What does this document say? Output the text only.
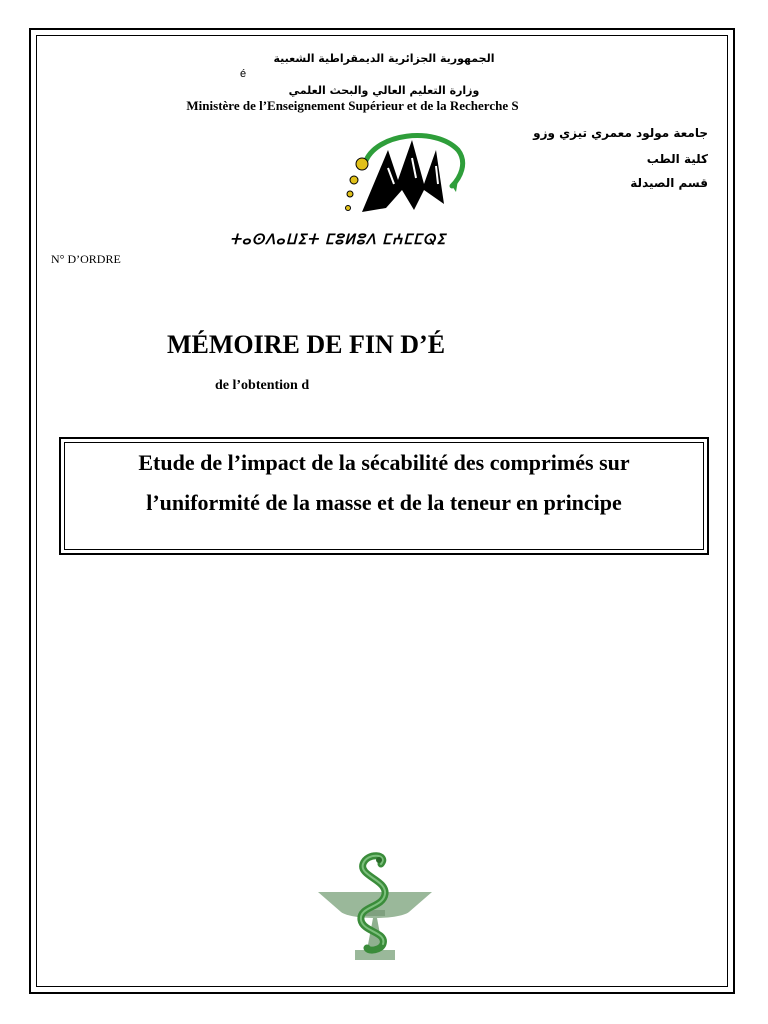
الجمهورية الجزائرية الديمقراطية الشعبية
é
وزارة التعليم العالي والبحث العلمي
Ministère de l’Enseignement Supérieur et de la Recherche S
جامعة مولود معمري تيزي وزو
كلية الطب
قسم الصيدلة
ⵜⴰⵙⴷⴰⵡⵉⵜ ⵎⵓⵍⵓⴷ ⵎⵄⵎⵎⵕⵉ
N° D’ORDRE
MÉMOIRE DE FIN D’É
de l’obtention d
Etude de l’impact de la sécabilité des comprimés sur
l’uniformité de la masse et de la teneur en principe
